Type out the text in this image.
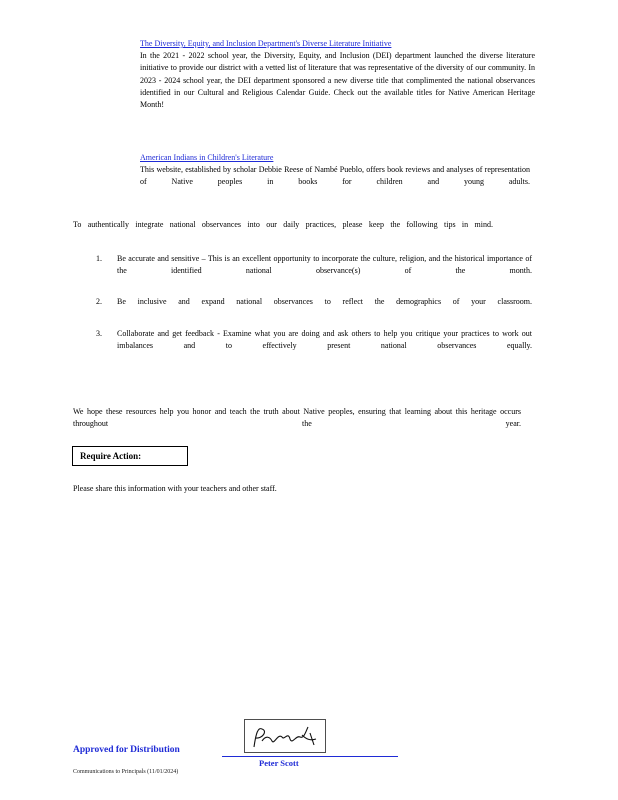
The Diversity, Equity, and Inclusion Department's Diverse Literature Initiative

In the 2021 - 2022 school year, the Diversity, Equity, and Inclusion (DEI) department launched the diverse literature initiative to provide our district with a vetted list of literature that was representative of the diversity of our community. In 2023 - 2024 school year, the DEI department sponsored a new diverse title that complimented the national observances identified in our Cultural and Religious Calendar Guide. Check out the available titles for Native American Heritage Month!

American Indians in Children's Literature

This website, established by scholar Debbie Reese of Nambé Pueblo, offers book reviews and analyses of representation of Native peoples in books for children and young adults.

To authentically integrate national observances into our daily practices, please keep the following tips in mind.

1. Be accurate and sensitive – This is an excellent opportunity to incorporate the culture, religion, and the historical importance of the identified national observance(s) of the month.

2. Be inclusive and expand national observances to reflect the demographics of your classroom.

3. Collaborate and get feedback - Examine what you are doing and ask others to help you critique your practices to work out imbalances and to effectively present national observances equally.

We hope these resources help you honor and teach the truth about Native peoples, ensuring that learning about this heritage occurs throughout the year.

Require Action:

Please share this information with your teachers and other staff.

Approved for Distribution
Peter Scott
Communications to Principals (11/01/2024)
